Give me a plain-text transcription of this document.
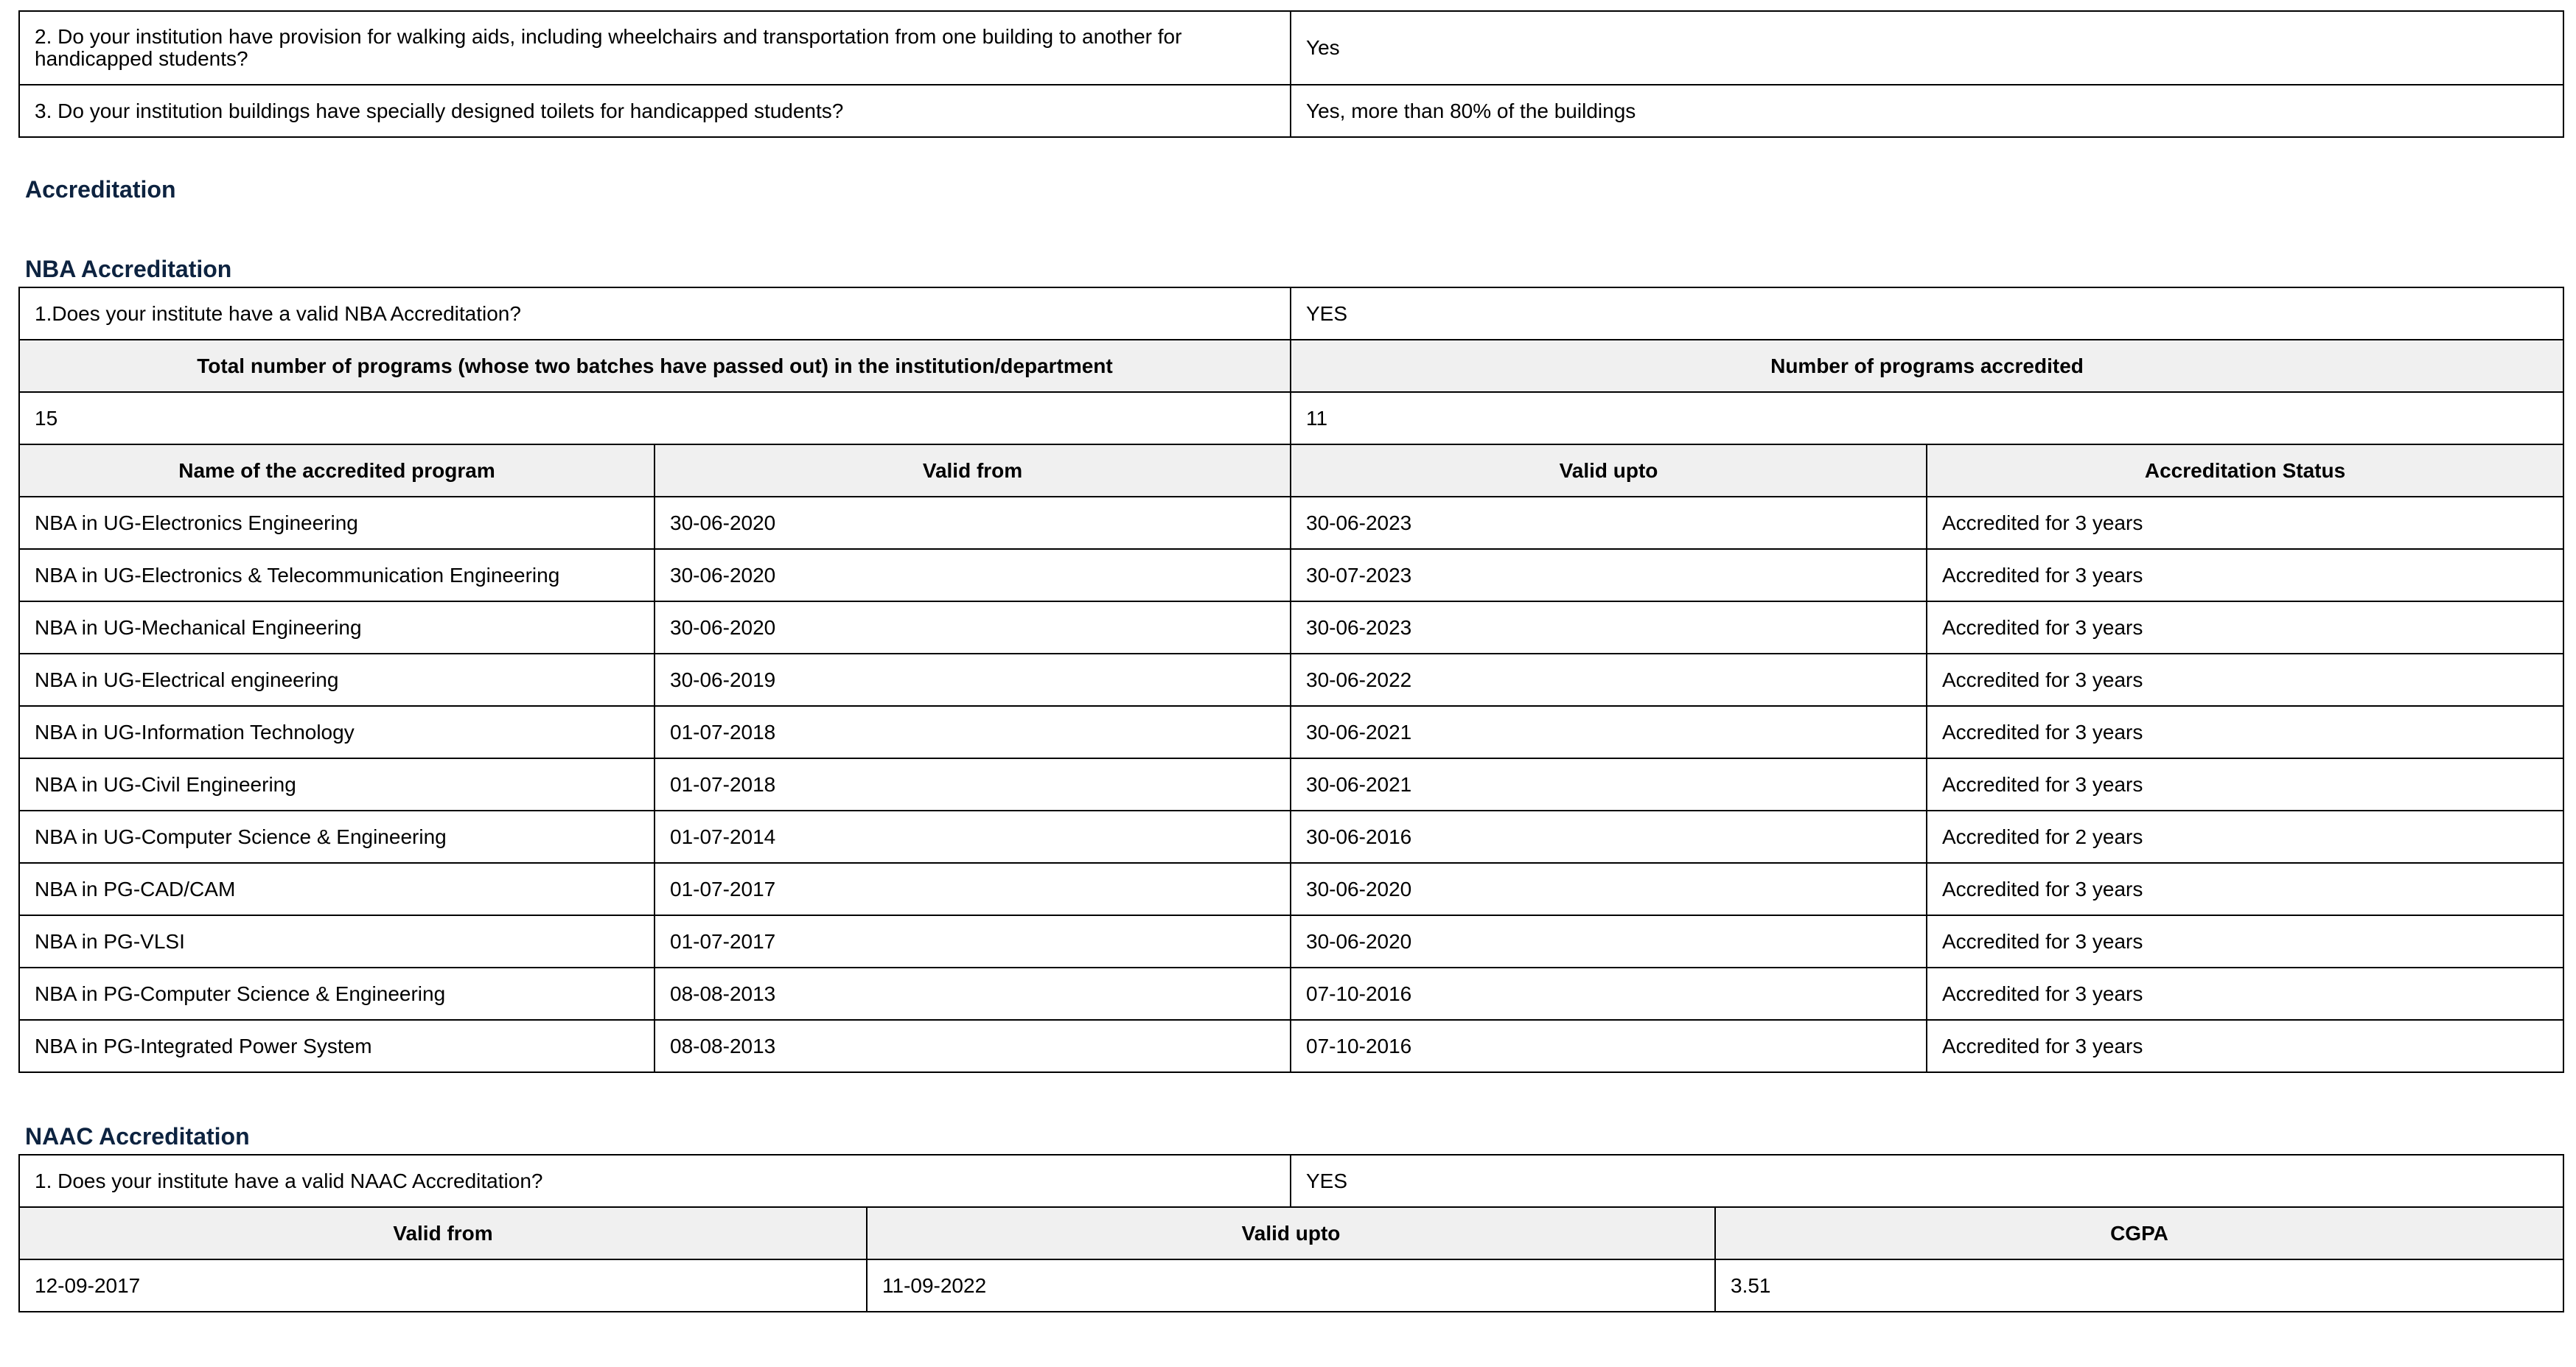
2. Do your institution have provision for walking aids, including wheelchairs and transportation from one building to another for handicapped students?	Yes
3. Do your institution buildings have specially designed toilets for handicapped students?	Yes, more than 80% of the buildings
Accreditation
NBA Accreditation
1.Does your institute have a valid NBA Accreditation?	YES
Total number of programs (whose two batches have passed out) in the institution/department	Number of programs accredited
15	11
Name of the accredited program	Valid from	Valid upto	Accreditation Status
NBA in UG-Electronics Engineering	30-06-2020	30-06-2023	Accredited for 3 years
NBA in UG-Electronics & Telecommunication Engineering	30-06-2020	30-07-2023	Accredited for 3 years
NBA in UG-Mechanical Engineering	30-06-2020	30-06-2023	Accredited for 3 years
NBA in UG-Electrical engineering	30-06-2019	30-06-2022	Accredited for 3 years
NBA in UG-Information Technology	01-07-2018	30-06-2021	Accredited for 3 years
NBA in UG-Civil Engineering	01-07-2018	30-06-2021	Accredited for 3 years
NBA in UG-Computer Science & Engineering	01-07-2014	30-06-2016	Accredited for 2 years
NBA in PG-CAD/CAM	01-07-2017	30-06-2020	Accredited for 3 years
NBA in PG-VLSI	01-07-2017	30-06-2020	Accredited for 3 years
NBA in PG-Computer Science & Engineering	08-08-2013	07-10-2016	Accredited for 3 years
NBA in PG-Integrated Power System	08-08-2013	07-10-2016	Accredited for 3 years
NAAC Accreditation
1. Does your institute have a valid NAAC Accreditation?	YES
Valid from	Valid upto	CGPA
12-09-2017	11-09-2022	3.51
